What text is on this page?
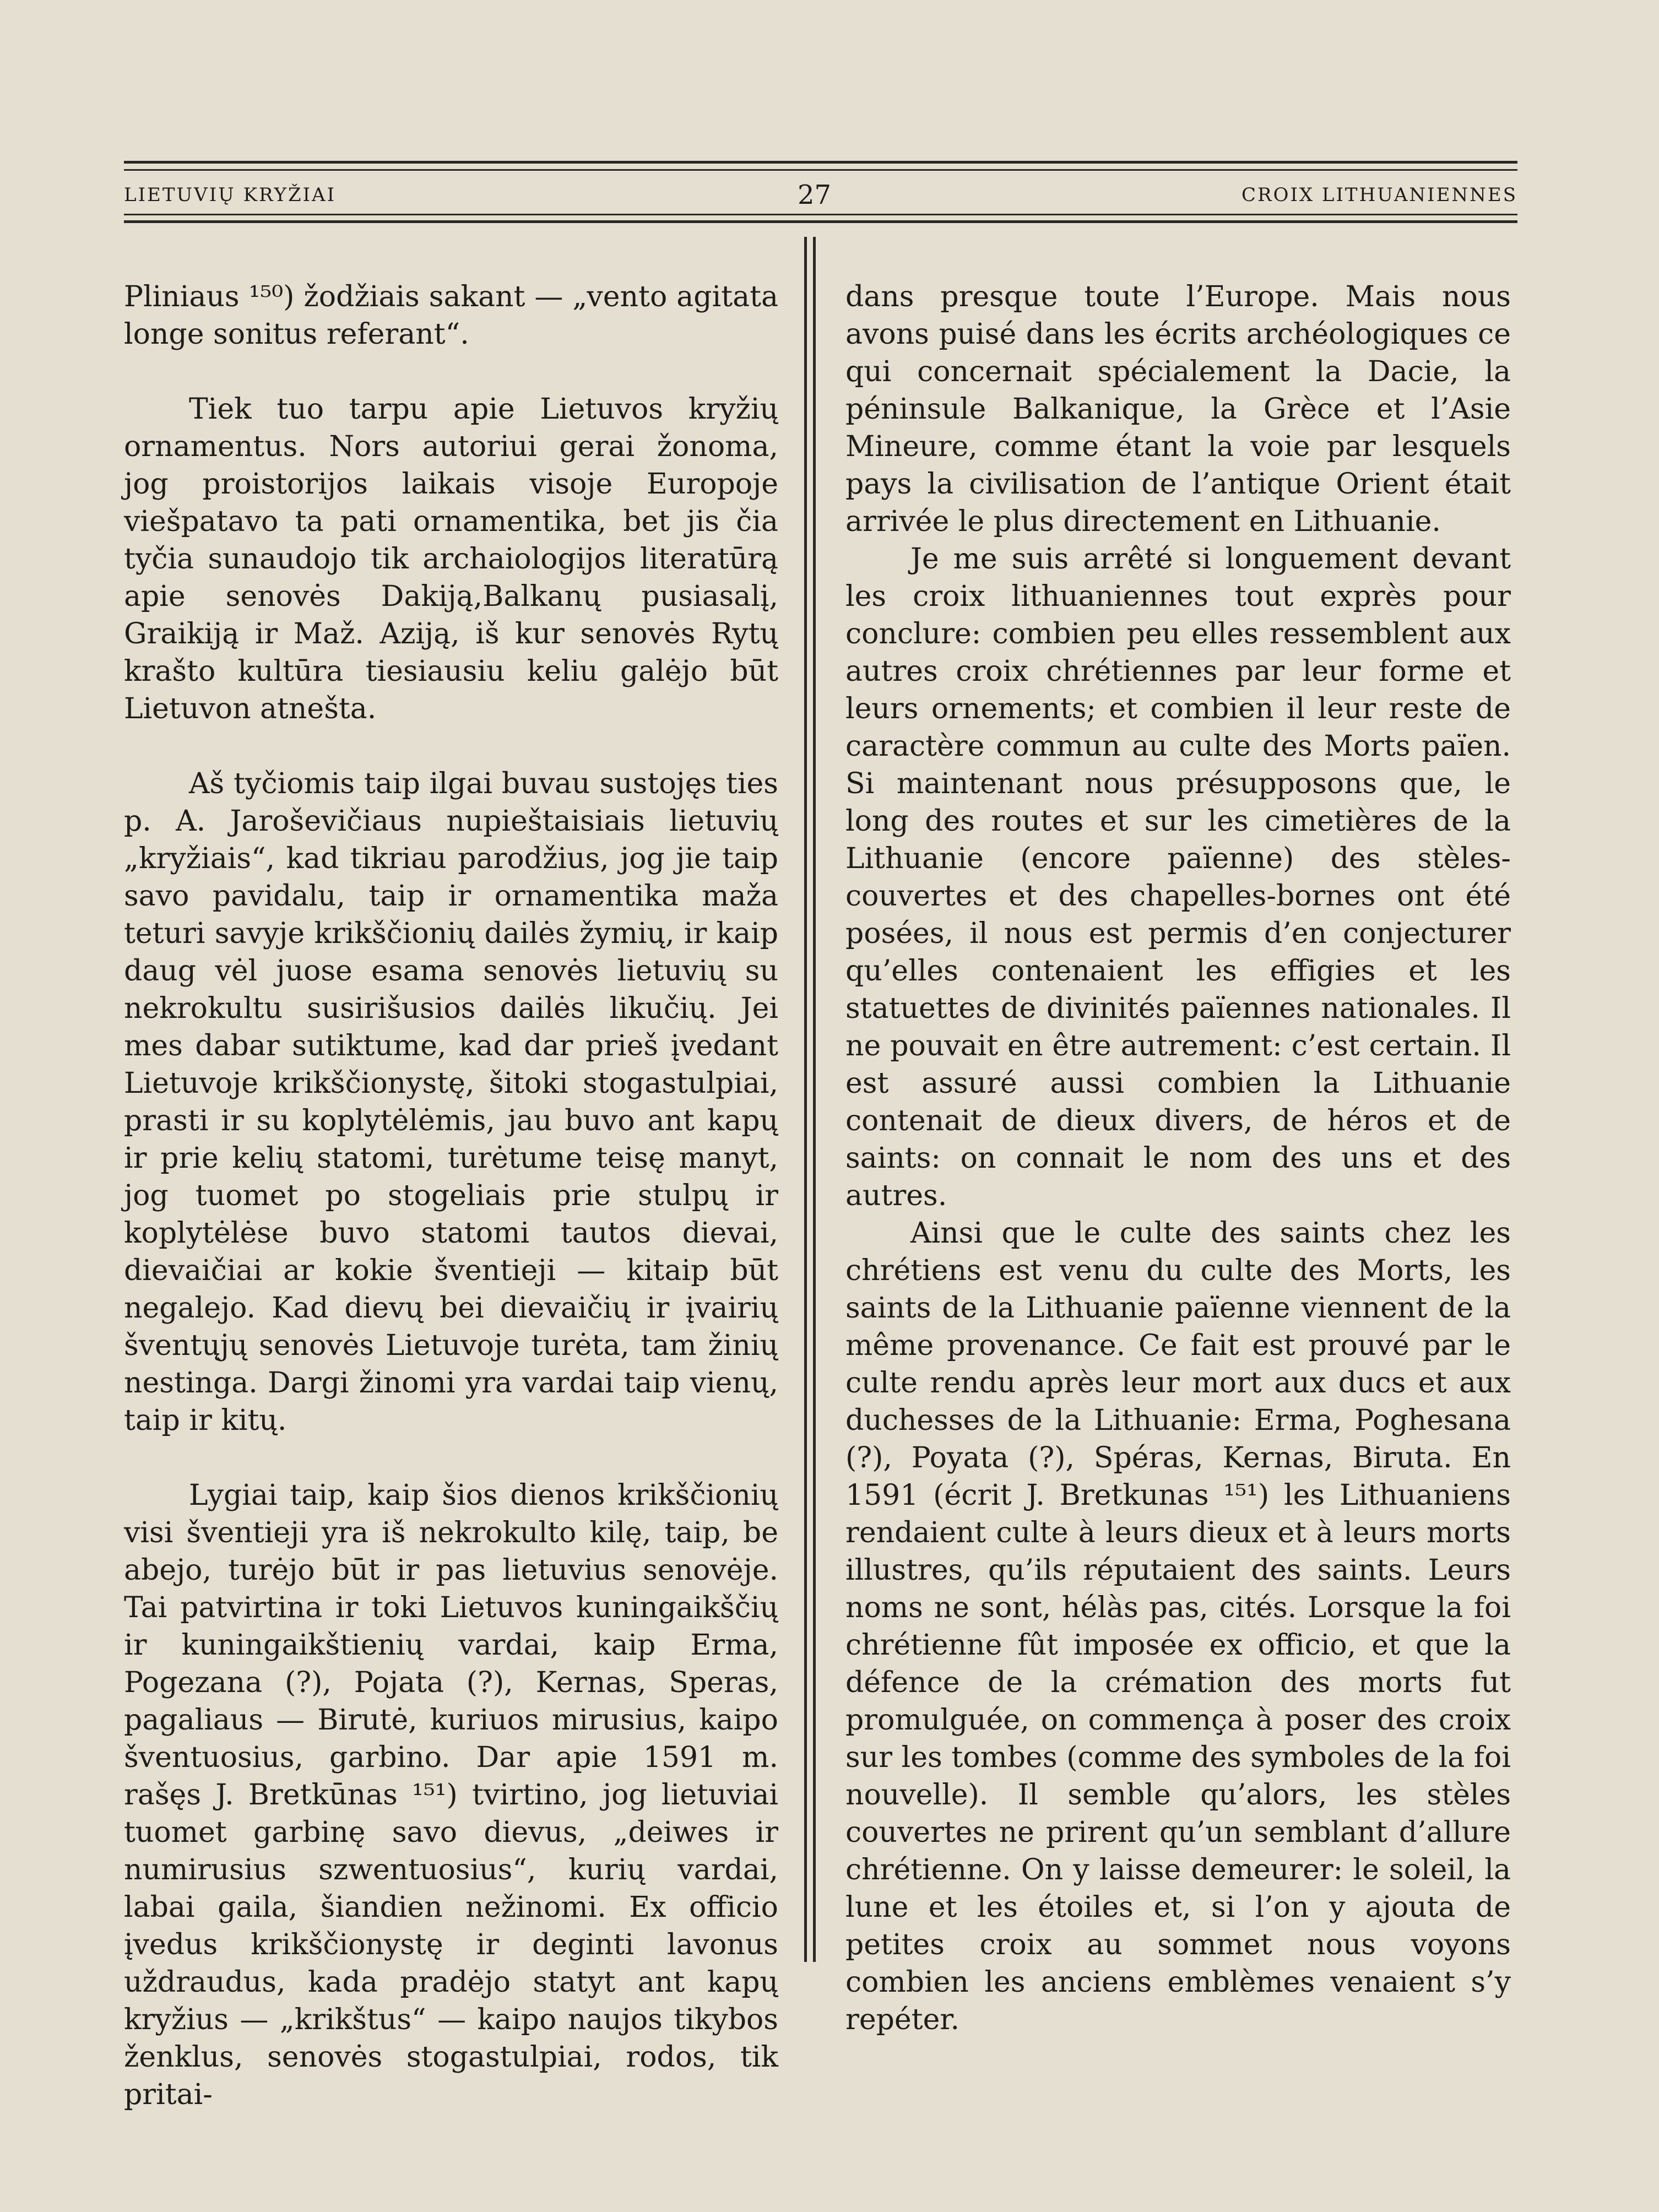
LIETUVIŲ KRYŽIAI	27	CROIX LITHUANIENNES

Pliniaus ¹⁵⁰) žodžiais sakant — „vento agitata longe sonitus referant“.

Tiek tuo tarpu apie Lietuvos kryžių ornamentus. Nors autoriui gerai žonoma, jog proistorijos laikais visoje Europoje viešpatavo ta pati ornamentika, bet jis čia tyčia sunaudojo tik archaiologijos literatūrą apie senovės Dakiją,Balkanų pusiasalį, Graikiją ir Maž. Aziją, iš kur senovės Rytų krašto kultūra tiesiausiu keliu galėjo būt Lietuvon atnešta.

Aš tyčiomis taip ilgai buvau sustojęs ties p. A. Jaroševičiaus nupieštaisiais lietuvių „kryžiais“, kad tikriau parodžius, jog jie taip savo pavidalu, taip ir ornamentika maža teturi savyje krikščionių dailės žymių, ir kaip daug vėl juose esama senovės lietuvių su nekrokultu susirišusios dailės likučių. Jei mes dabar sutiktume, kad dar prieš įvedant Lietuvoje krikščionystę, šitoki stogastulpiai, prasti ir su koplytėlėmis, jau buvo ant kapų ir prie kelių statomi, turėtume teisę manyt, jog tuomet po stogeliais prie stulpų ir koplytėlėse buvo statomi tautos dievai, dievaičiai ar kokie šventieji — kitaip būt negalejo. Kad dievų bei dievaičių ir įvairių šventųjų senovės Lietuvoje turėta, tam žinių nestinga. Dargi žinomi yra vardai taip vienų, taip ir kitų.

Lygiai taip, kaip šios dienos krikščionių visi šventieji yra iš nekrokulto kilę, taip, be abejo, turėjo būt ir pas lietuvius senovėje. Tai patvirtina ir toki Lietuvos kuningaikščių ir kuningaikštienių vardai, kaip Erma, Pogezana (?), Pojata (?), Kernas, Speras, pagaliaus — Birutė, kuriuos mirusius, kaipo šventuosius, garbino. Dar apie 1591 m. rašęs J. Bretkūnas ¹⁵¹) tvirtino, jog lietuviai tuomet garbinę savo dievus, „deiwes ir numirusius szwentuosius“, kurių vardai, labai gaila, šiandien nežinomi. Ex officio įvedus krikščionystę ir deginti lavonus uždraudus, kada pradėjo statyt ant kapų kryžius — „krikštus“ — kaipo naujos tikybos ženklus, senovės stogastulpiai, rodos, tik pritai-

dans presque toute l’Europe. Mais nous avons puisé dans les écrits archéologiques ce qui concernait spécialement la Dacie, la péninsule Balkanique, la Grèce et l’Asie Mineure, comme étant la voie par lesquels pays la civilisation de l’antique Orient était arrivée le plus directement en Lithuanie.

Je me suis arrêté si longuement devant les croix lithuaniennes tout exprès pour conclure: combien peu elles ressemblent aux autres croix chrétiennes par leur forme et leurs ornements; et combien il leur reste de caractère commun au culte des Morts païen. Si maintenant nous présupposons que, le long des routes et sur les cimetières de la Lithuanie (encore païenne) des stèles-couvertes et des chapelles-bornes ont été posées, il nous est permis d’en conjecturer qu’elles contenaient les effigies et les statuettes de divinités païennes nationales. Il ne pouvait en être autrement: c’est certain. Il est assuré aussi combien la Lithuanie contenait de dieux divers, de héros et de saints: on connait le nom des uns et des autres.

Ainsi que le culte des saints chez les chrétiens est venu du culte des Morts, les saints de la Lithuanie païenne viennent de la même provenance. Ce fait est prouvé par le culte rendu après leur mort aux ducs et aux duchesses de la Lithuanie: Erma, Poghesana (?), Poyata (?), Spéras, Kernas, Biruta. En 1591 (écrit J. Bretkunas ¹⁵¹) les Lithuaniens rendaient culte à leurs dieux et à leurs morts illustres, qu’ils réputaient des saints. Leurs noms ne sont, hélàs pas, cités. Lorsque la foi chrétienne fût imposée ex officio, et que la défence de la crémation des morts fut promulguée, on commença à poser des croix sur les tombes (comme des symboles de la foi nouvelle). Il semble qu’alors, les stèles couvertes ne prirent qu’un semblant d’allure chrétienne. On y laisse demeurer: le soleil, la lune et les étoiles et, si l’on y ajouta de petites croix au sommet nous voyons combien les anciens emblèmes venaient s’y repéter.
